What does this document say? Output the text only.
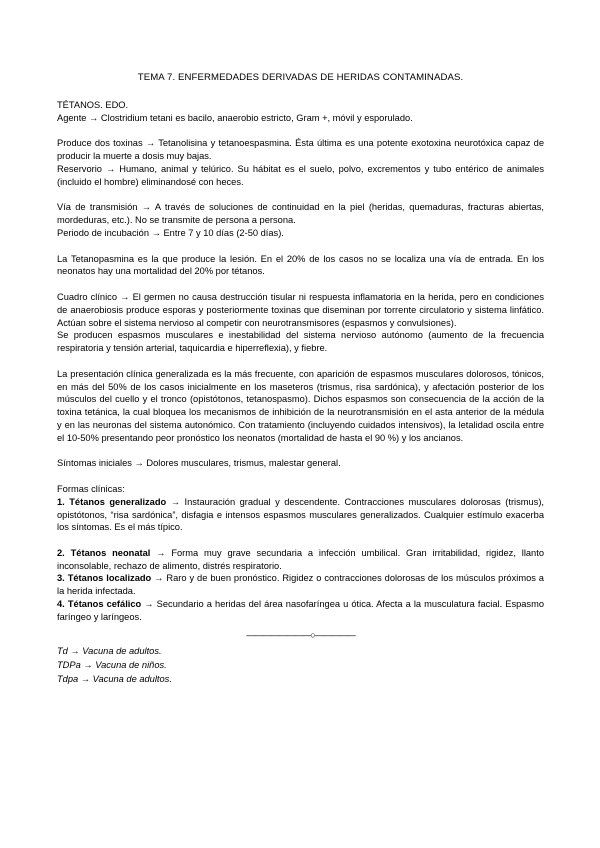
TEMA 7. ENFERMEDADES DERIVADAS DE HERIDAS CONTAMINADAS.

TÉTANOS. EDO.

Agente → Clostridium tetani es bacilo, anaerobio estricto, Gram +, móvil y esporulado.

Produce dos toxinas → Tetanolisina y tetanoespasmina. Ésta última es una potente exotoxina neurotóxica capaz de producir la muerte a dosis muy bajas.

Reservorio → Humano, animal y telúrico. Su hábitat es el suelo, polvo, excrementos y tubo entérico de animales (incluido el hombre) eliminandosé con heces.

Vía de transmisión → A través de soluciones de continuidad en la piel (heridas, quemaduras, fracturas abiertas, mordeduras, etc.). No se transmite de persona a persona.

Periodo de incubación → Entre 7 y 10 días (2-50 días).

La Tetanopasmina es la que produce la lesión. En el 20% de los casos no se localiza una vía de entrada. En los neonatos hay una mortalidad del 20% por tétanos.

Cuadro clínico → El germen no causa destrucción tisular ni respuesta inflamatoria en la herida, pero en condiciones de anaerobiosis produce esporas y posteriormente toxinas que diseminan por torrente circulatorio y sistema linfático. Actúan sobre el sistema nervioso al competir con neurotransmisores (espasmos y convulsiones).

Se producen espasmos musculares e inestabilidad del sistema nervioso autónomo (aumento de la frecuencia respiratoria y tensión arterial, taquicardia e hiperreflexia), y fiebre.

La presentación clínica generalizada es la más frecuente, con aparición de espasmos musculares dolorosos, tónicos, en más del 50% de los casos inicialmente en los maseteros (trismus, risa sardónica), y afectación posterior de los músculos del cuello y el tronco (opistótonos, tetanospasmo). Dichos espasmos son consecuencia de la acción de la toxina tetánica, la cual bloquea los mecanismos de inhibición de la neurotransmisión en el asta anterior de la médula y en las neuronas del sistema autonómico. Con tratamiento (incluyendo cuidados intensivos), la letalidad oscila entre el 10-50% presentando peor pronóstico los neonatos (mortalidad de hasta el 90 %) y los ancianos.

Síntomas iniciales → Dolores musculares, trismus, malestar general.

Formas clínicas:

1. Tétanos generalizado → Instauración gradual y descendente. Contracciones musculares dolorosas (trismus), opistótonos, “risa sardónica”, disfagia e intensos espasmos musculares generalizados. Cualquier estímulo exacerba los síntomas. Es el más típico.

2. Tétanos neonatal → Forma muy grave secundaria a infección umbilical. Gran irritabilidad, rigidez, llanto inconsolable, rechazo de alimento, distrés respiratorio.

3. Tétanos localizado → Raro y de buen pronóstico. Rigidez o contracciones dolorosas de los músculos próximos a la herida infectada.

4. Tétanos cefálico → Secundario a heridas del área nasofaríngea u ótica. Afecta a la musculatura facial. Espasmo faríngeo y laríngeos.

————————○—————

Td → Vacuna de adultos.

TDPa → Vacuna de niños.

Tdpa → Vacuna de adultos.
